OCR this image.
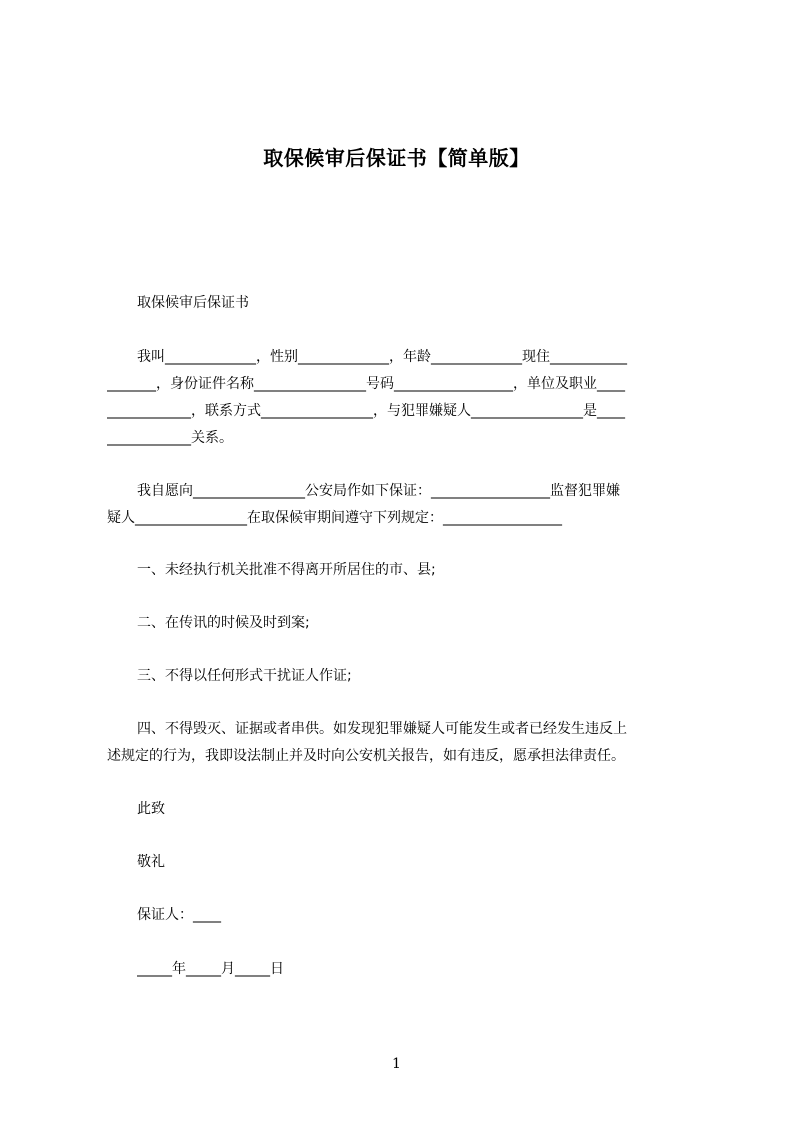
取保候审后保证书【简单版】
取保候审后保证书
我叫_____________，性别_____________，年龄_____________现住___________
_______，身份证件名称________________号码_________________，单位及职业____
____________，联系方式________________，与犯罪嫌疑人________________是____
____________关系。
我自愿向________________公安局作如下保证：_________________监督犯罪嫌
疑人________________在取保候审期间遵守下列规定：_________________
一、未经执行机关批准不得离开所居住的市、县;
二、在传讯的时候及时到案;
三、不得以任何形式干扰证人作证;
四、不得毁灭、证据或者串供。如发现犯罪嫌疑人可能发生或者已经发生违反上
述规定的行为，我即设法制止并及时向公安机关报告，如有违反，愿承担法律责任。
此致
敬礼
保证人：____
_____年_____月_____日
1
